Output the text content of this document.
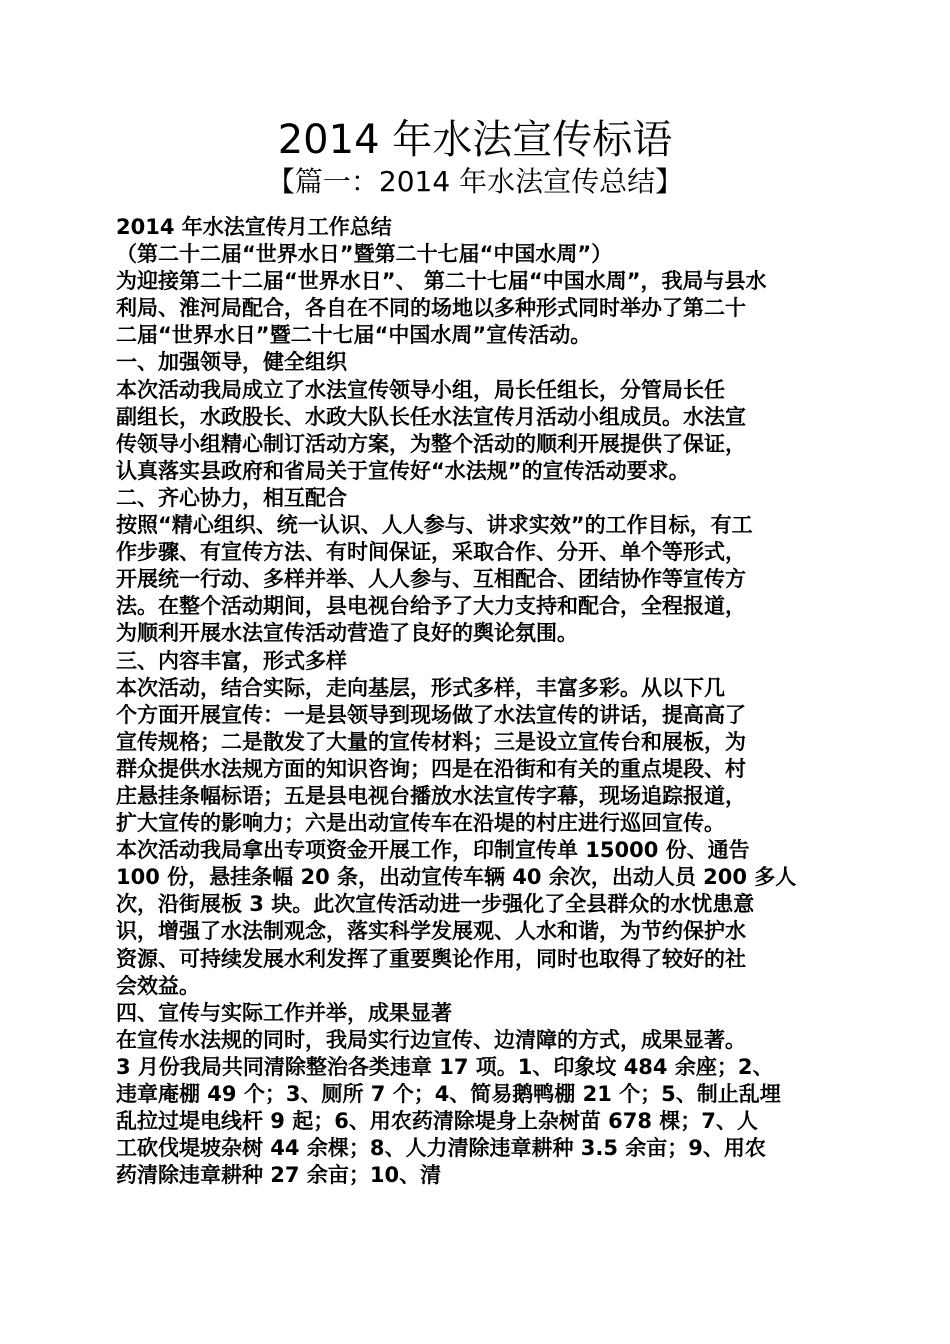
2014 年水法宣传标语
【篇一：2014 年水法宣传总结】
2014 年水法宣传月工作总结
（第二十二届“世界水日”暨第二十七届“中国水周”）
为迎接第二十二届“世界水日”、 第二十七届“中国水周”，我局与县水
利局、淮河局配合，各自在不同的场地以多种形式同时举办了第二十
二届“世界水日”暨二十七届“中国水周”宣传活动。
一、加强领导，健全组织
本次活动我局成立了水法宣传领导小组，局长任组长，分管局长任
副组长，水政股长、水政大队长任水法宣传月活动小组成员。水法宣
传领导小组精心制订活动方案，为整个活动的顺利开展提供了保证，
认真落实县政府和省局关于宣传好“水法规”的宣传活动要求。
二、齐心协力，相互配合
按照“精心组织、统一认识、人人参与、讲求实效”的工作目标，有工
作步骤、有宣传方法、有时间保证，采取合作、分开、单个等形式，
开展统一行动、多样并举、人人参与、互相配合、团结协作等宣传方
法。在整个活动期间，县电视台给予了大力支持和配合，全程报道，
为顺利开展水法宣传活动营造了良好的舆论氛围。
三、内容丰富，形式多样
本次活动，结合实际，走向基层，形式多样，丰富多彩。从以下几
个方面开展宣传：一是县领导到现场做了水法宣传的讲话，提高高了
宣传规格；二是散发了大量的宣传材料；三是设立宣传台和展板，为
群众提供水法规方面的知识咨询；四是在沿街和有关的重点堤段、村
庄悬挂条幅标语；五是县电视台播放水法宣传字幕，现场追踪报道，
扩大宣传的影响力；六是出动宣传车在沿堤的村庄进行巡回宣传。
本次活动我局拿出专项资金开展工作，印制宣传单 15000 份、通告
100 份，悬挂条幅 20 条，出动宣传车辆 40 余次，出动人员 200 多人
次，沿街展板 3 块。此次宣传活动进一步强化了全县群众的水忧患意
识，增强了水法制观念，落实科学发展观、人水和谐，为节约保护水
资源、可持续发展水利发挥了重要舆论作用，同时也取得了较好的社
会效益。
四、宣传与实际工作并举，成果显著
在宣传水法规的同时，我局实行边宣传、边清障的方式，成果显著。
3 月份我局共同清除整治各类违章 17 项。1、印象坟 484 余座；2、
违章庵棚 49 个；3、厕所 7 个；4、简易鹅鸭棚 21 个；5、制止乱埋
乱拉过堤电线杆 9 起；6、用农药清除堤身上杂树苗 678 棵；7、人
工砍伐堤坡杂树 44 余棵；8、人力清除违章耕种 3.5 余亩；9、用农
药清除违章耕种 27 余亩；10、清
